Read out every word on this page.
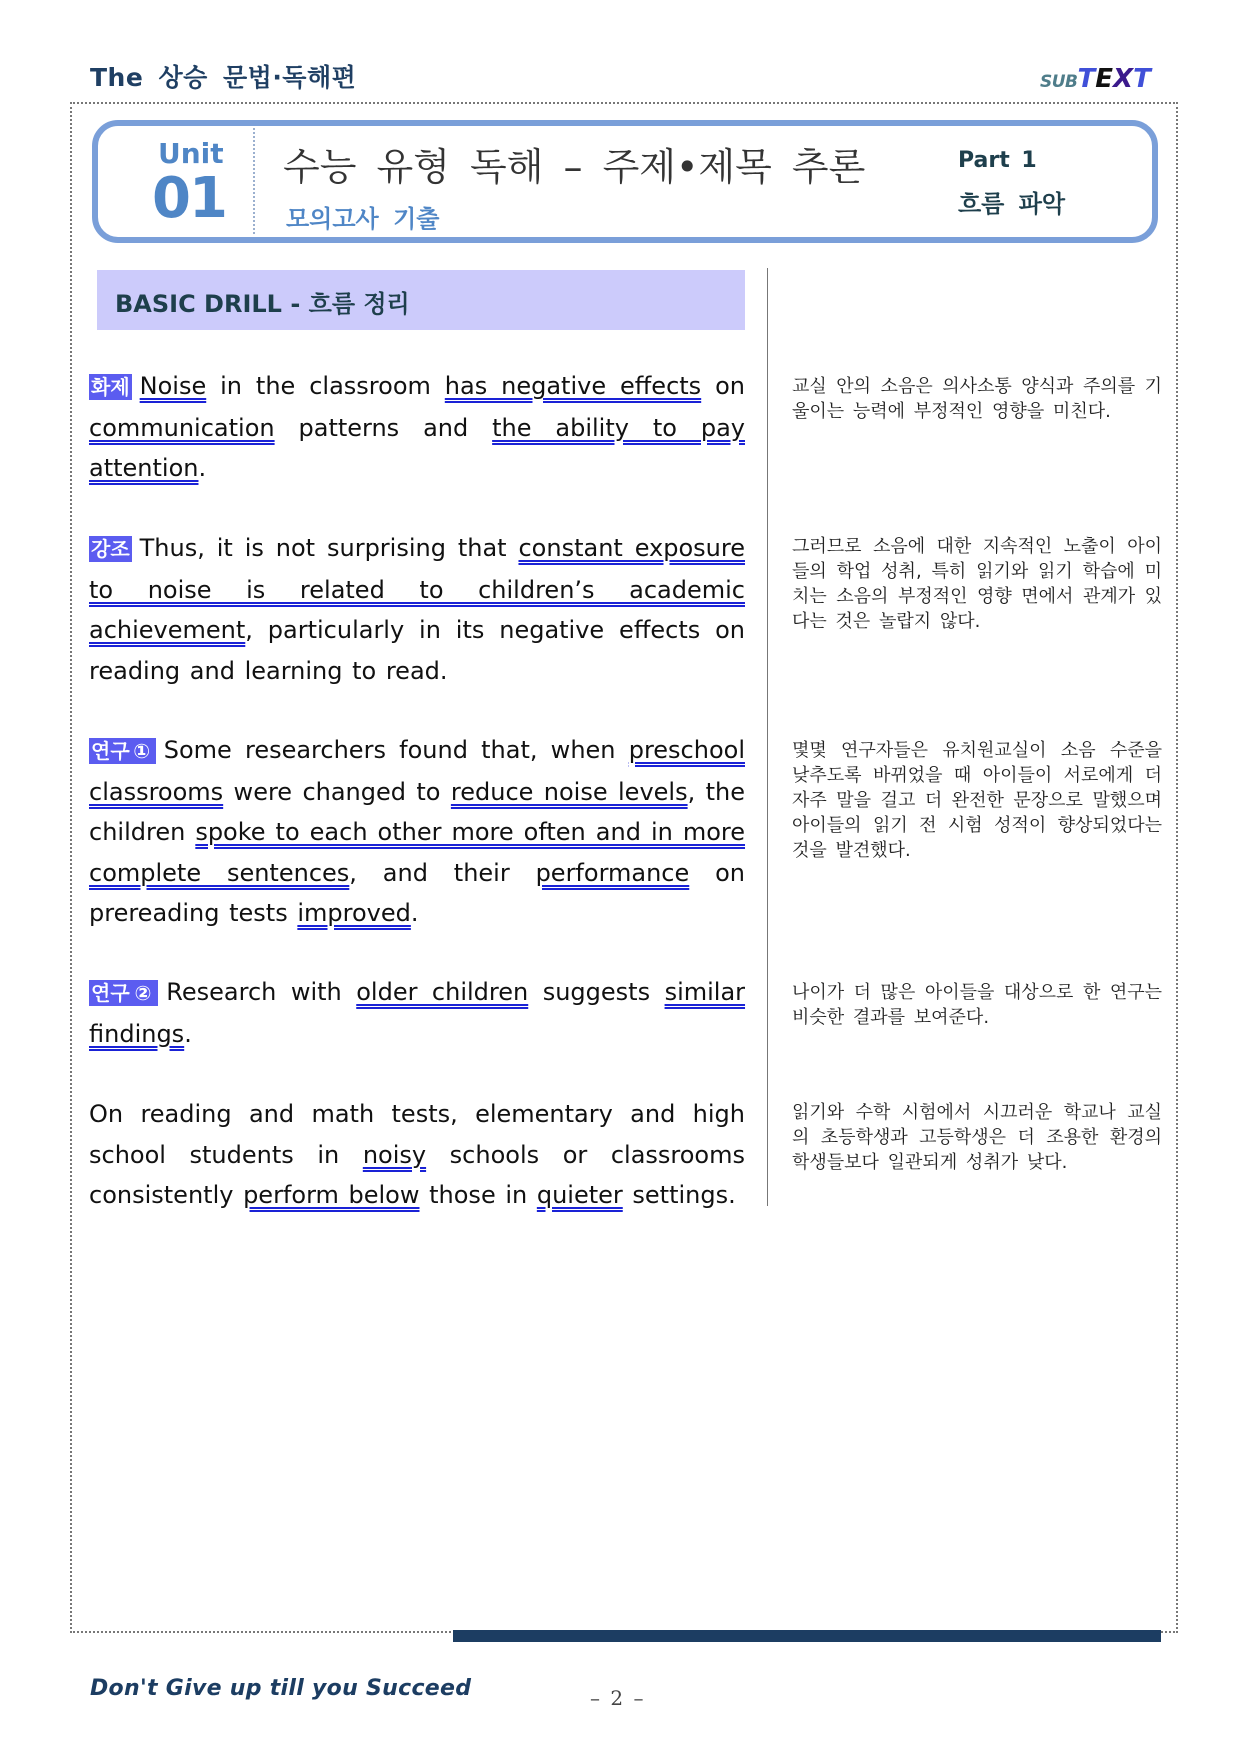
The 상승 문법·독해편	SUBTEXT
Unit
01 수능 유형 독해 – 주제•제목 추론
모의고사 기출
Part 1
흐름 파악
BASIC DRILL - 흐름 정리
화제 Noise in the classroom has negative effects on communication patterns and the ability to pay attention.
교실 안의 소음은 의사소통 양식과 주의를 기울이는 능력에 부정적인 영향을 미친다.
강조 Thus, it is not surprising that constant exposure to noise is related to children’s academic achievement, particularly in its negative effects on reading and learning to read.
그러므로 소음에 대한 지속적인 노출이 아이들의 학업 성취, 특히 읽기와 읽기 학습에 미치는 소음의 부정적인 영향 면에서 관계가 있다는 것은 놀랍지 않다.
연구① Some researchers found that, when preschool classrooms were changed to reduce noise levels, the children spoke to each other more often and in more complete sentences, and their performance on prereading tests improved.
몇몇 연구자들은 유치원교실이 소음 수준을 낮추도록 바뀌었을 때 아이들이 서로에게 더 자주 말을 걸고 더 완전한 문장으로 말했으며 아이들의 읽기 전 시험 성적이 향상되었다는 것을 발견했다.
연구② Research with older children suggests similar findings.
나이가 더 많은 아이들을 대상으로 한 연구는 비슷한 결과를 보여준다.
On reading and math tests, elementary and high school students in noisy schools or classrooms consistently perform below those in quieter settings.
읽기와 수학 시험에서 시끄러운 학교나 교실의 초등학생과 고등학생은 더 조용한 환경의 학생들보다 일관되게 성취가 낮다.
Don't Give up till you Succeed	– 2 –
